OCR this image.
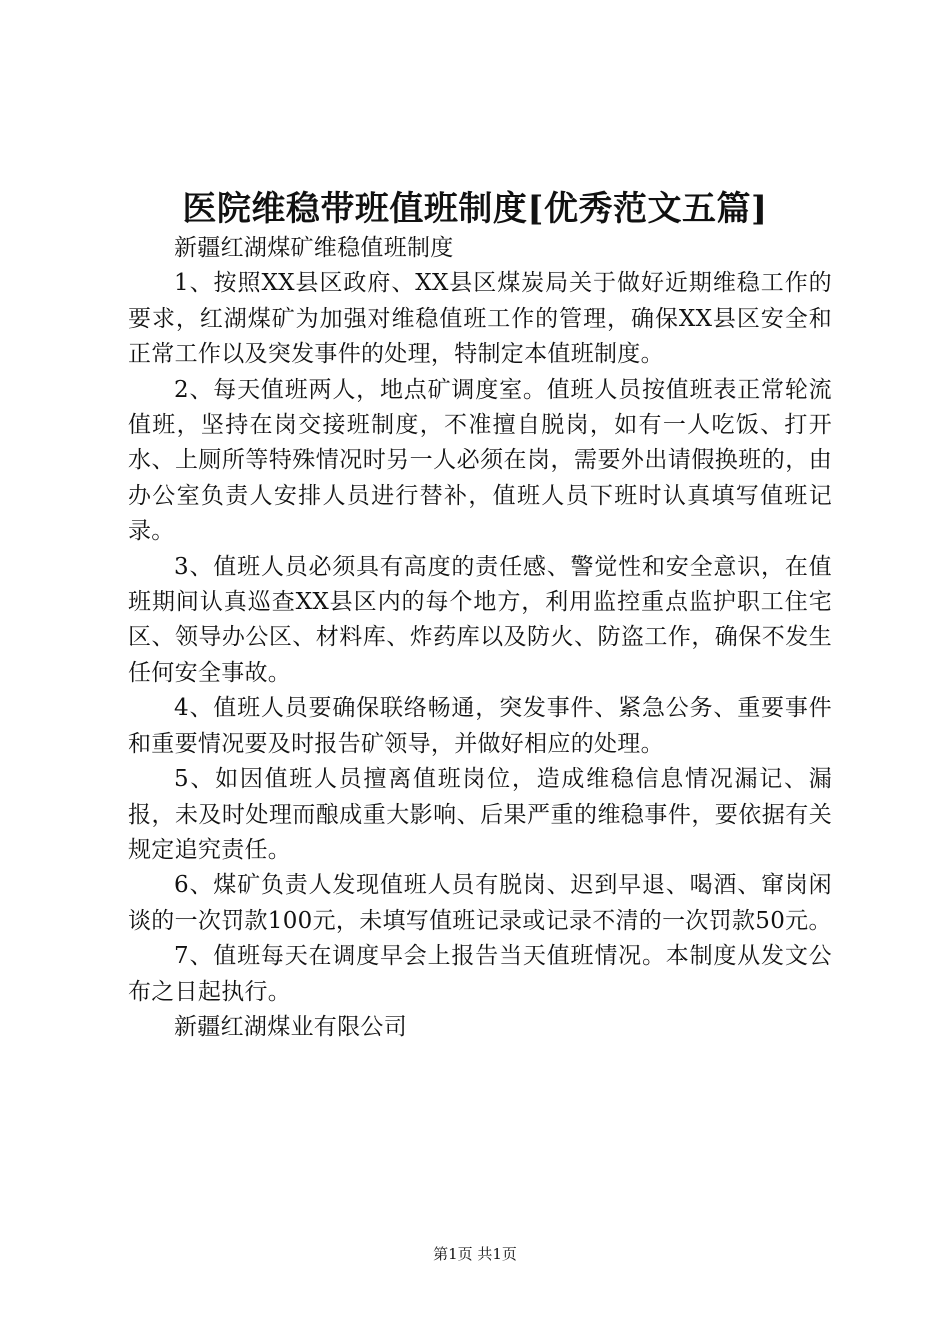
医院维稳带班值班制度[优秀范文五篇]

新疆红湖煤矿维稳值班制度

1、按照XX县区政府、XX县区煤炭局关于做好近期维稳工作的要求，红湖煤矿为加强对维稳值班工作的管理，确保XX县区安全和正常工作以及突发事件的处理，特制定本值班制度。

2、每天值班两人，地点矿调度室。值班人员按值班表正常轮流值班，坚持在岗交接班制度，不准擅自脱岗，如有一人吃饭、打开水、上厕所等特殊情况时另一人必须在岗，需要外出请假换班的，由办公室负责人安排人员进行替补，值班人员下班时认真填写值班记录。

3、值班人员必须具有高度的责任感、警觉性和安全意识，在值班期间认真巡查XX县区内的每个地方，利用监控重点监护职工住宅区、领导办公区、材料库、炸药库以及防火、防盗工作，确保不发生任何安全事故。

4、值班人员要确保联络畅通，突发事件、紧急公务、重要事件和重要情况要及时报告矿领导，并做好相应的处理。

5、如因值班人员擅离值班岗位，造成维稳信息情况漏记、漏报，未及时处理而酿成重大影响、后果严重的维稳事件，要依据有关规定追究责任。

6、煤矿负责人发现值班人员有脱岗、迟到早退、喝酒、窜岗闲谈的一次罚款100元，未填写值班记录或记录不清的一次罚款50元。

7、值班每天在调度早会上报告当天值班情况。本制度从发文公布之日起执行。

新疆红湖煤业有限公司

第1页 共1页
